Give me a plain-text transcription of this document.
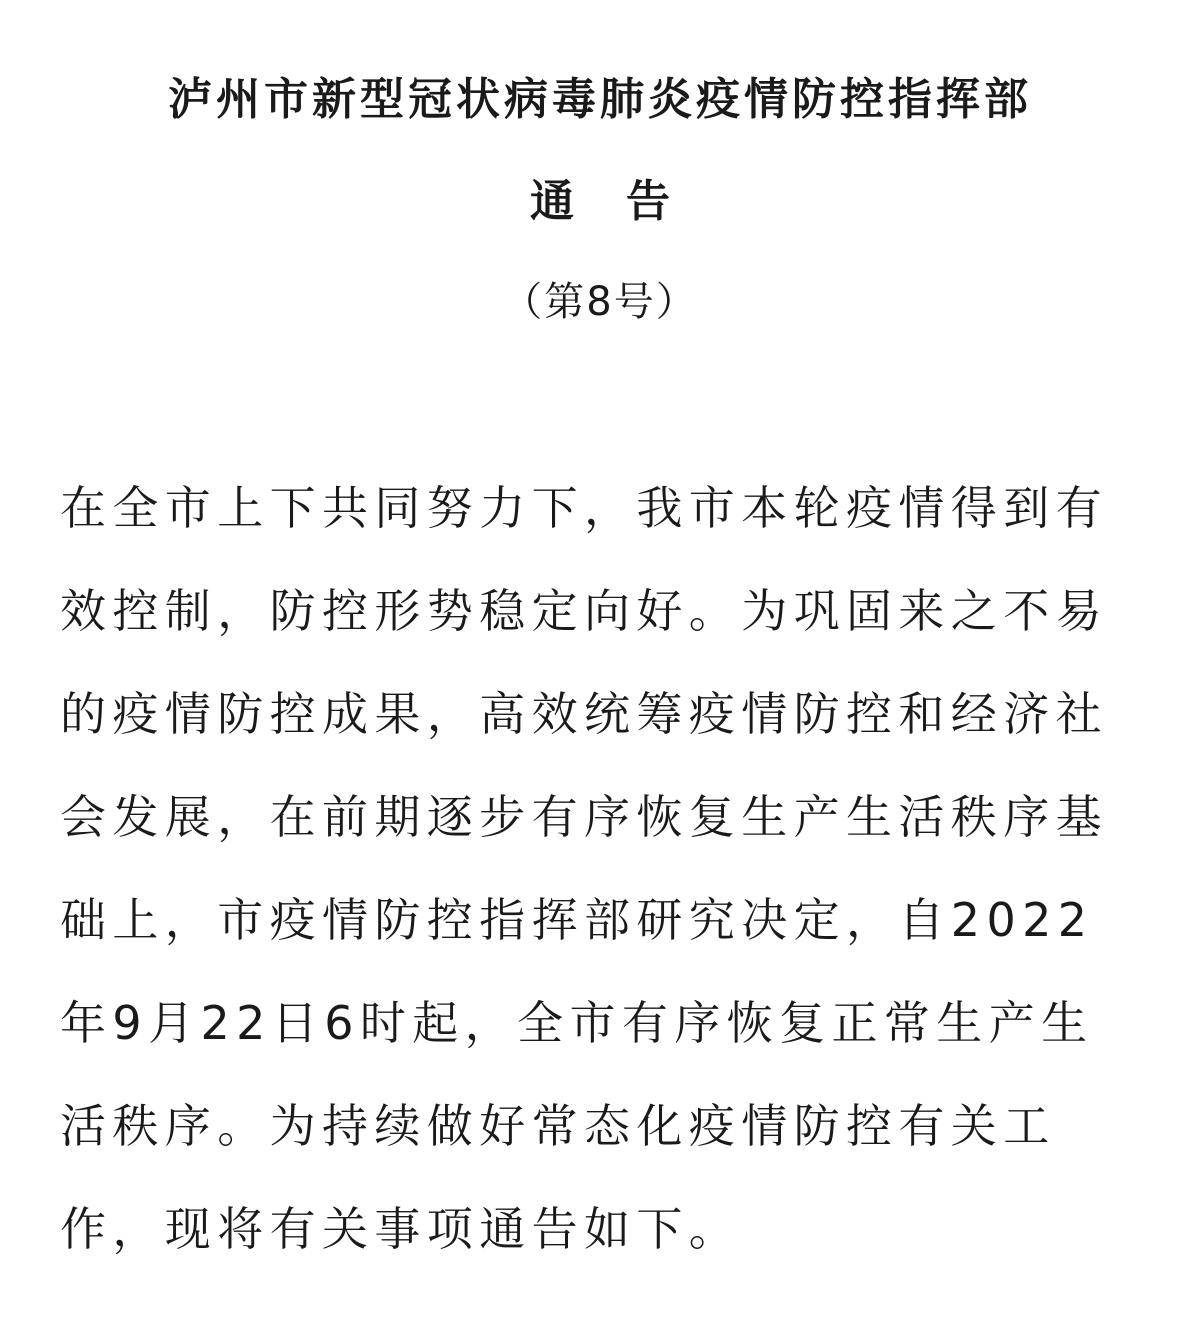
泸州市新型冠状病毒肺炎疫情防控指挥部
通告
（第8号）
在全市上下共同努力下，我市本轮疫情得到有
效控制，防控形势稳定向好。为巩固来之不易
的疫情防控成果，高效统筹疫情防控和经济社
会发展，在前期逐步有序恢复生产生活秩序基
础上，市疫情防控指挥部研究决定，自2022
年9月22日6时起，全市有序恢复正常生产生
活秩序。为持续做好常态化疫情防控有关工
作，现将有关事项通告如下。
